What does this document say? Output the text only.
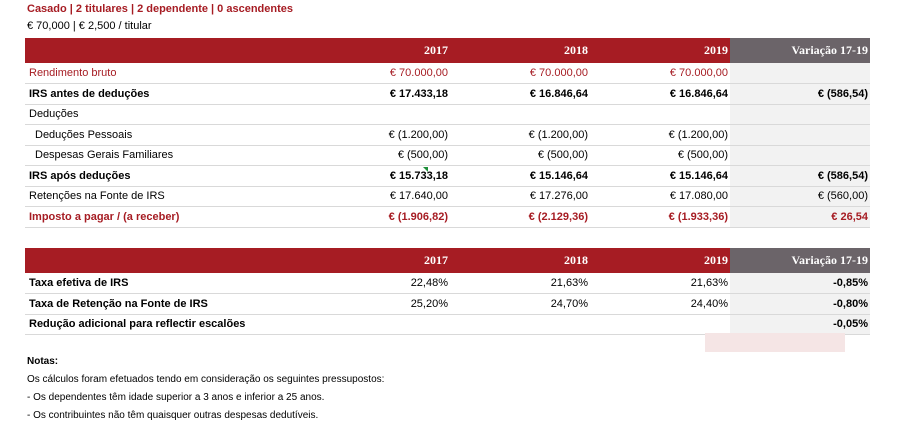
Casado | 2 titulares | 2 dependente | 0 ascendentes
€ 70,000 | € 2,500 / titular
	2017	2018	2019	Variação 17-19
Rendimento bruto	€ 70.000,00	€ 70.000,00	€ 70.000,00	
IRS antes de deduções	€ 17.433,18	€ 16.846,64	€ 16.846,64	€ (586,54)
Deduções				
Deduções Pessoais	€ (1.200,00)	€ (1.200,00)	€ (1.200,00)	
Despesas Gerais Familiares	€ (500,00)	€ (500,00)	€ (500,00)	
IRS após deduções	€ 15.733,18	€ 15.146,64	€ 15.146,64	€ (586,54)
Retenções na Fonte de IRS	€ 17.640,00	€ 17.276,00	€ 17.080,00	€ (560,00)
Imposto a pagar / (a receber)	€ (1.906,82)	€ (2.129,36)	€ (1.933,36)	€ 26,54
	2017	2018	2019	Variação 17-19
Taxa efetiva de IRS	22,48%	21,63%	21,63%	-0,85%
Taxa de Retenção na Fonte de IRS	25,20%	24,70%	24,40%	-0,80%
Redução adicional para reflectir escalões				-0,05%
Notas:
Os cálculos foram efetuados tendo em consideração os seguintes pressupostos:
- Os dependentes têm idade superior a 3 anos e inferior a 25 anos.
- Os contribuintes não têm quaisquer outras despesas dedutíveis.
